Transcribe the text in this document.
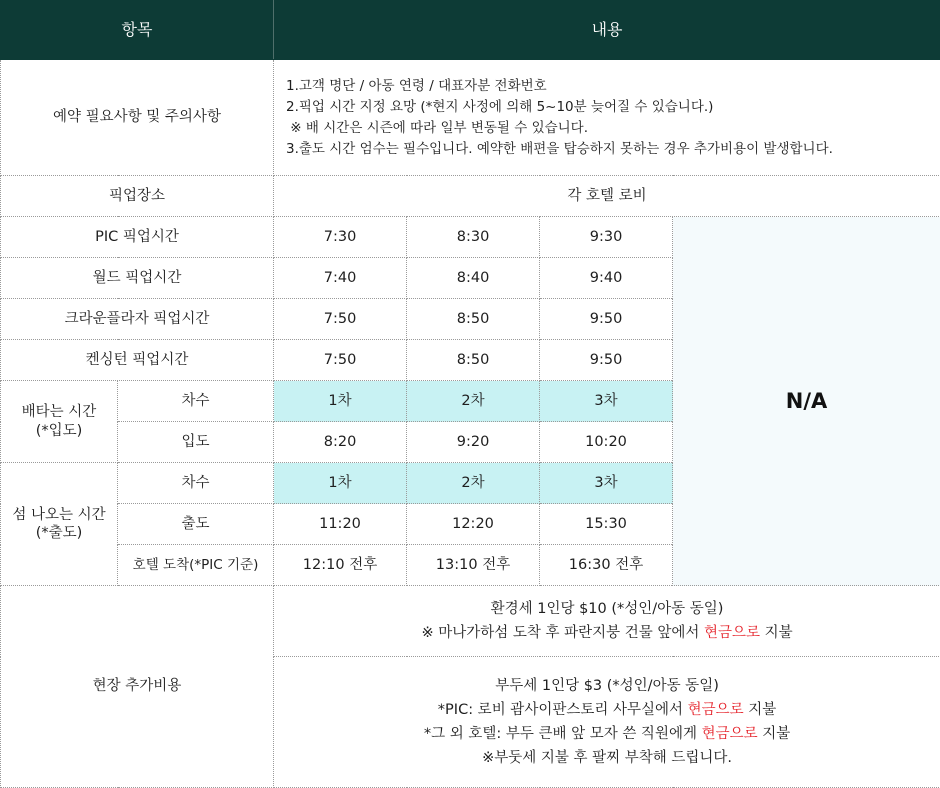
항목		내용			
예약 필요사항 및 주의사항		1.고객 명단 / 아동 연령 / 대표자분 전화번호
2.픽업 시간 지정 요망 (*현지 사정에 의해 5~10분 늦어질 수 있습니다.)
※ 배 시간은 시즌에 따라 일부 변동될 수 있습니다.
3.출도 시간 엄수는 필수입니다. 예약한 배편을 탑승하지 못하는 경우 추가비용이 발생합니다.			

픽업장소		각 호텔 로비			
PIC 픽업시간		7:30	8:30	9:30	N/A
월드 픽업시간		7:40	8:40	9:40	
크라운플라자 픽업시간		7:50	8:50	9:50	
켄싱턴 픽업시간		7:50	8:50	9:50	

배타는 시간
(*입도)	차수	1차	2차	3차	
	입도	8:20	9:20	10:20	

섬 나오는 시간
(*출도)	차수	1차	2차	3차	
	출도	11:20	12:20	15:30	
	호텔 도착(*PIC 기준)	12:10 전후	13:10 전후	16:30 전후	
현장 추가비용		환경세 1인당 $10 (*성인/아동 동일)
※ 마나가하섬 도착 후 파란지붕 건물 앞에서 현금으로 지불			

		부두세 1인당 $3 (*성인/아동 동일)
*PIC: 로비 괌사이판스토리 사무실에서 현금으로 지불
*그 외 호텔: 부두 큰배 앞 모자 쓴 직원에게 현금으로 지불
※부둣세 지불 후 팔찌 부착해 드립니다.			
